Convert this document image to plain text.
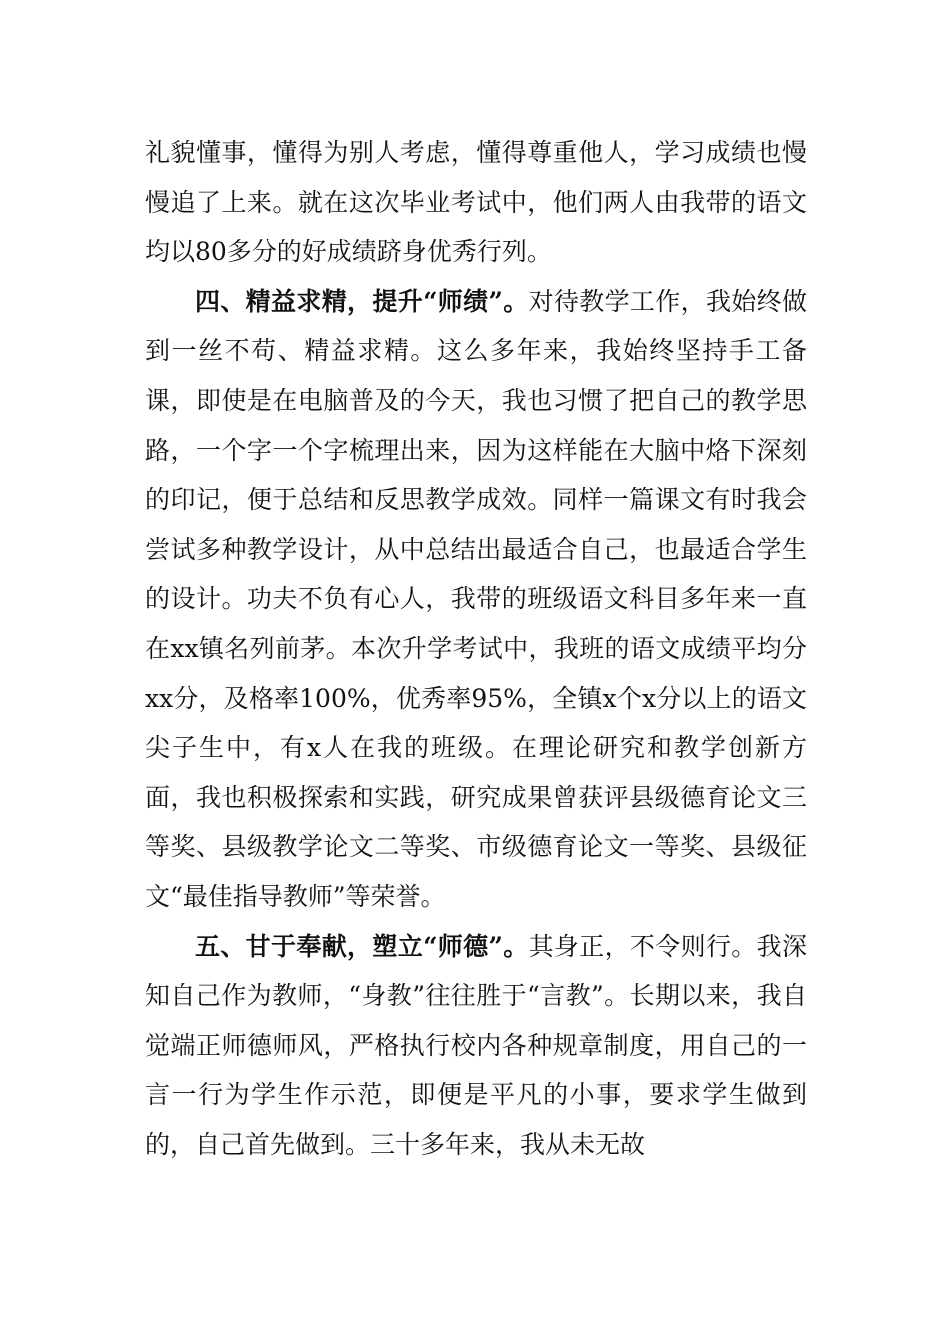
礼貌懂事，懂得为别人考虑，懂得尊重他人，学习成绩也慢慢追了上来。就在这次毕业考试中，他们两人由我带的语文均以80多分的好成绩跻身优秀行列。

四、精益求精，提升“师绩”。对待教学工作，我始终做到一丝不苟、精益求精。这么多年来，我始终坚持手工备课，即使是在电脑普及的今天，我也习惯了把自己的教学思路，一个字一个字梳理出来，因为这样能在大脑中烙下深刻的印记，便于总结和反思教学成效。同样一篇课文有时我会尝试多种教学设计，从中总结出最适合自己，也最适合学生的设计。功夫不负有心人，我带的班级语文科目多年来一直在xx镇名列前茅。本次升学考试中，我班的语文成绩平均分xx分，及格率100%，优秀率95%，全镇x个x分以上的语文尖子生中，有x人在我的班级。在理论研究和教学创新方面，我也积极探索和实践，研究成果曾获评县级德育论文三等奖、县级教学论文二等奖、市级德育论文一等奖、县级征文“最佳指导教师”等荣誉。

五、甘于奉献，塑立“师德”。其身正，不令则行。我深知自己作为教师，“身教”往往胜于“言教”。长期以来，我自觉端正师德师风，严格执行校内各种规章制度，用自己的一言一行为学生作示范，即便是平凡的小事，要求学生做到的，自己首先做到。三十多年来，我从未无故
